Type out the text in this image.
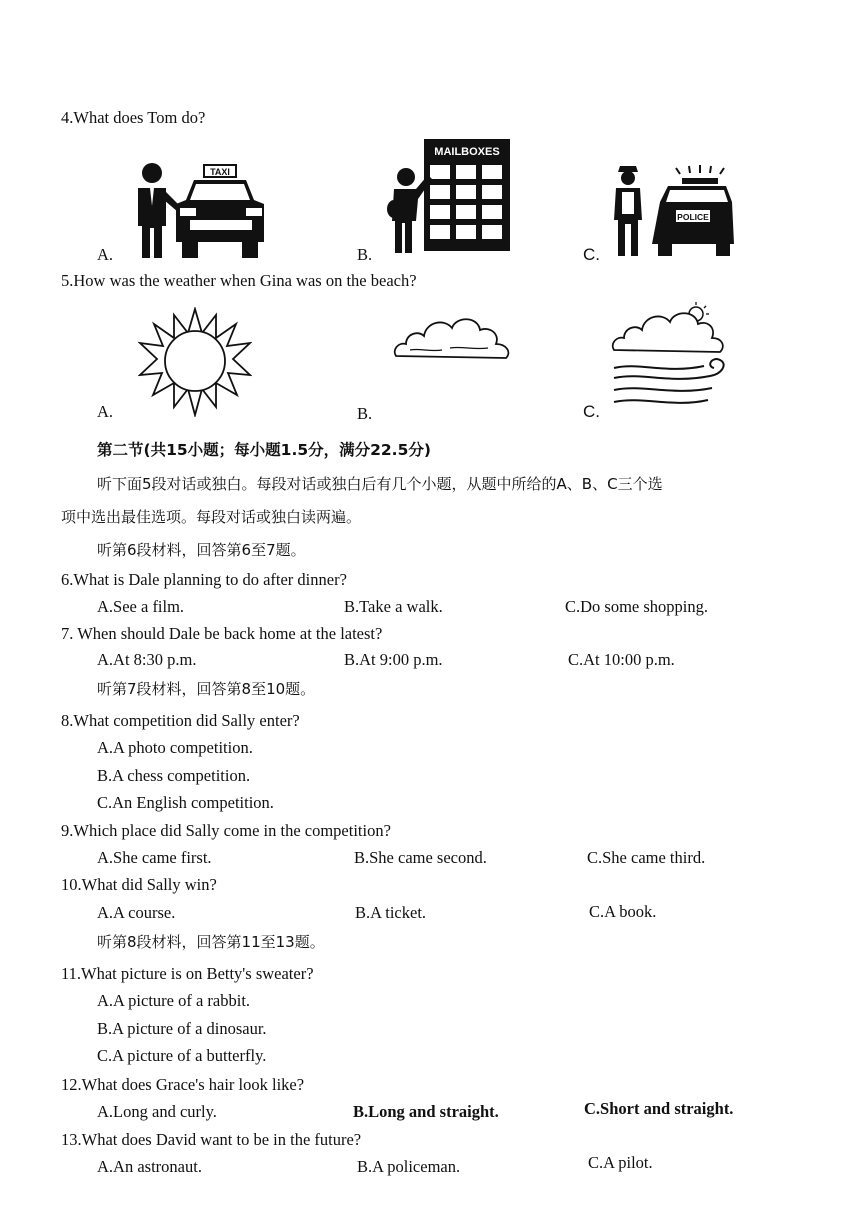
4.What does Tom do?
TAXI
A.
MAILBOXES
B.
POLICE
C.
5.How was the weather when Gina was on the beach?
A.	B.	C.
第二节(共15小题；每小题1.5分，满分22.5分)
听下面5段对话或独白。每段对话或独白后有几个小题，从题中所给的A、B、C三个选
项中选出最佳选项。每段对话或独白读两遍。
听第6段材料，回答第6至7题。
6.What is Dale planning to do after dinner?
A.See a film.	B.Take a walk.	C.Do some shopping.
7. When should Dale be back home at the latest?
A.At 8:30 p.m.	B.At 9:00 p.m.	C.At 10:00 p.m.
听第7段材料，回答第8至10题。
8.What competition did Sally enter?
A.A photo competition.
B.A chess competition.
C.An English competition.
9.Which place did Sally come in the competition?
A.She came first.	B.She came second.	C.She came third.
10.What did Sally win?
A.A course.	B.A ticket.	C.A book.
听第8段材料，回答第11至13题。
11.What picture is on Betty's sweater?
A.A picture of a rabbit.
B.A picture of a dinosaur.
C.A picture of a butterfly.
12.What does Grace's hair look like?
A.Long and curly.	B.Long and straight.	C.Short and straight.
13.What does David want to be in the future?
A.An astronaut.	B.A policeman.	C.A pilot.
